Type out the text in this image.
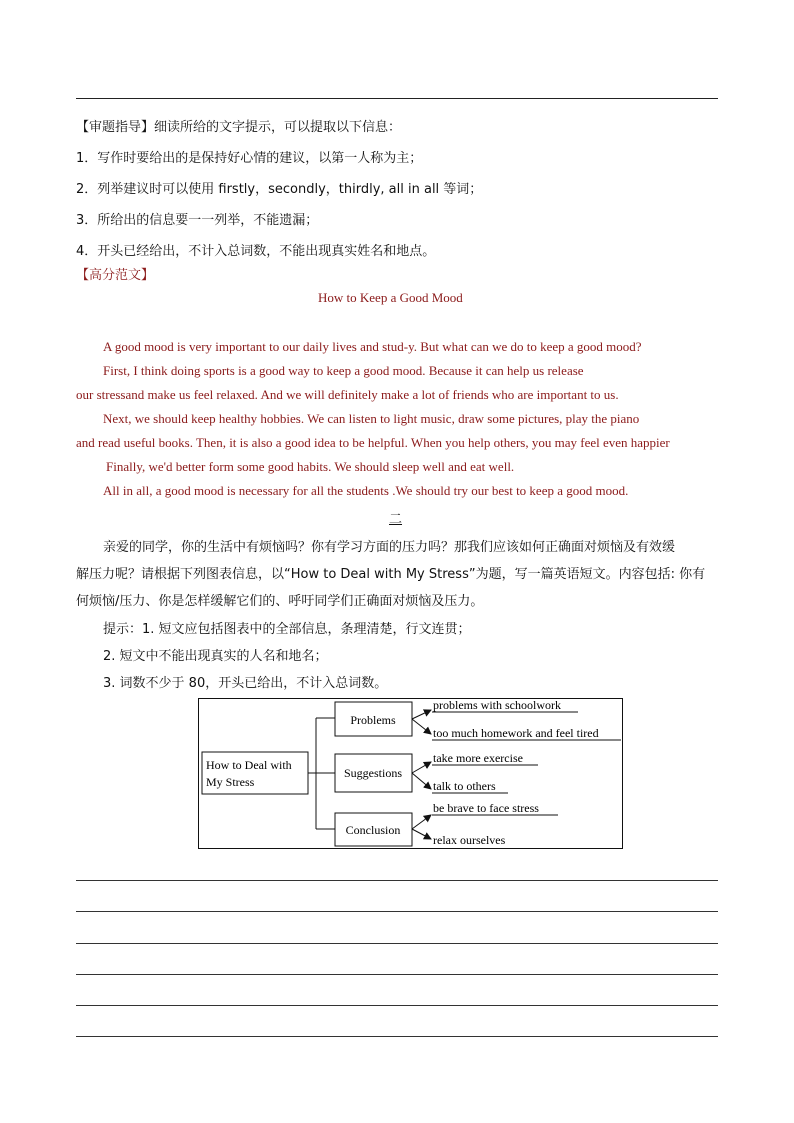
【审题指导】细读所给的文字提示，可以提取以下信息：
1．写作时要给出的是保持好心情的建议，以第一人称为主；
2．列举建议时可以使用 firstly，secondly，thirdly, all in all 等词；
3．所给出的信息要一一列举，不能遗漏；
4．开头已经给出，不计入总词数，不能出现真实姓名和地点。
【高分范文】
How to Keep a Good Mood
A good mood is very important to our daily lives and stud-y. But what can we do to keep a good mood?
First, I think doing sports is a good way to keep a good mood. Because it can help us release
our stressand make us feel relaxed. And we will definitely make a lot of friends who are important to us.
Next, we should keep healthy hobbies. We can listen to light music, draw some pictures, play the piano
and read useful books. Then, it is also a good idea to be helpful. When you help others, you may feel even happier
Finally, we'd better form some good habits. We should sleep well and eat well.
All in all, a good mood is necessary for all the students .We should try our best to keep a good mood.
二
亲爱的同学，你的生活中有烦恼吗？你有学习方面的压力吗？那我们应该如何正确面对烦恼及有效缓
解压力呢？请根据下列图表信息，以“How to Deal with My Stress”为题，写一篇英语短文。内容包括: 你有
何烦恼/压力、你是怎样缓解它们的、呼吁同学们正确面对烦恼及压力。
提示：1. 短文应包括图表中的全部信息，条理清楚，行文连贯；
2. 短文中不能出现真实的人名和地名；
3. 词数不少于 80，开头已给出，不计入总词数。
How to Deal with
My Stress
Problems
Suggestions
Conclusion
problems with schoolwork
too much homework and feel tired
take more exercise
talk to others
be brave to face stress
relax ourselves
